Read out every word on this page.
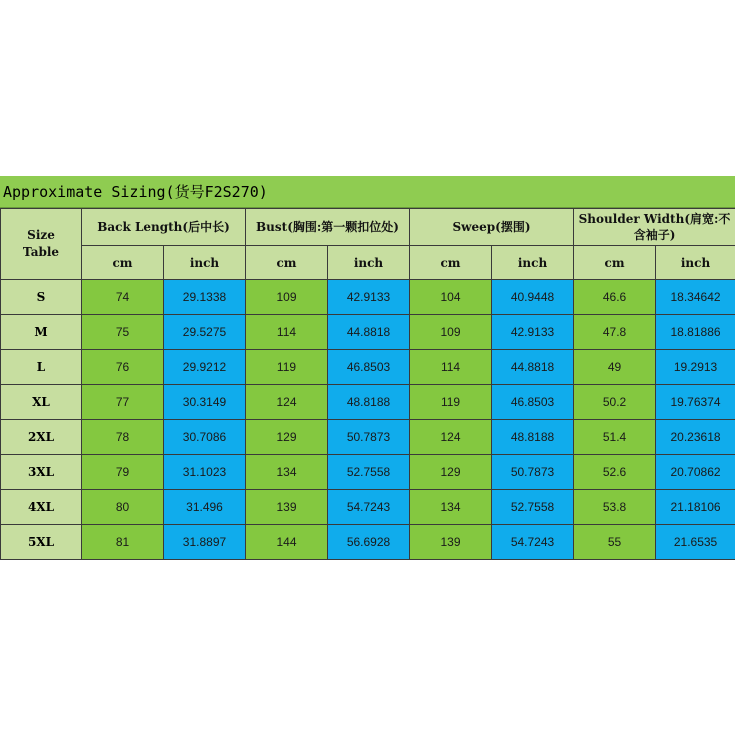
Approximate Sizing(货号F2S270)
Size
Table	Back Length(后中长)		Bust(胸围:第一颗扣位处)		Sweep(摆围)		Shoulder Width(肩宽:不含袖子)	
	cm	inch	cm	inch	cm	inch	cm	inch
S	74	29.1338	109	42.9133	104	40.9448	46.6	18.34642
M	75	29.5275	114	44.8818	109	42.9133	47.8	18.81886
L	76	29.9212	119	46.8503	114	44.8818	49	19.2913
XL	77	30.3149	124	48.8188	119	46.8503	50.2	19.76374
2XL	78	30.7086	129	50.7873	124	48.8188	51.4	20.23618
3XL	79	31.1023	134	52.7558	129	50.7873	52.6	20.70862
4XL	80	31.496	139	54.7243	134	52.7558	53.8	21.18106
5XL	81	31.8897	144	56.6928	139	54.7243	55	21.6535
